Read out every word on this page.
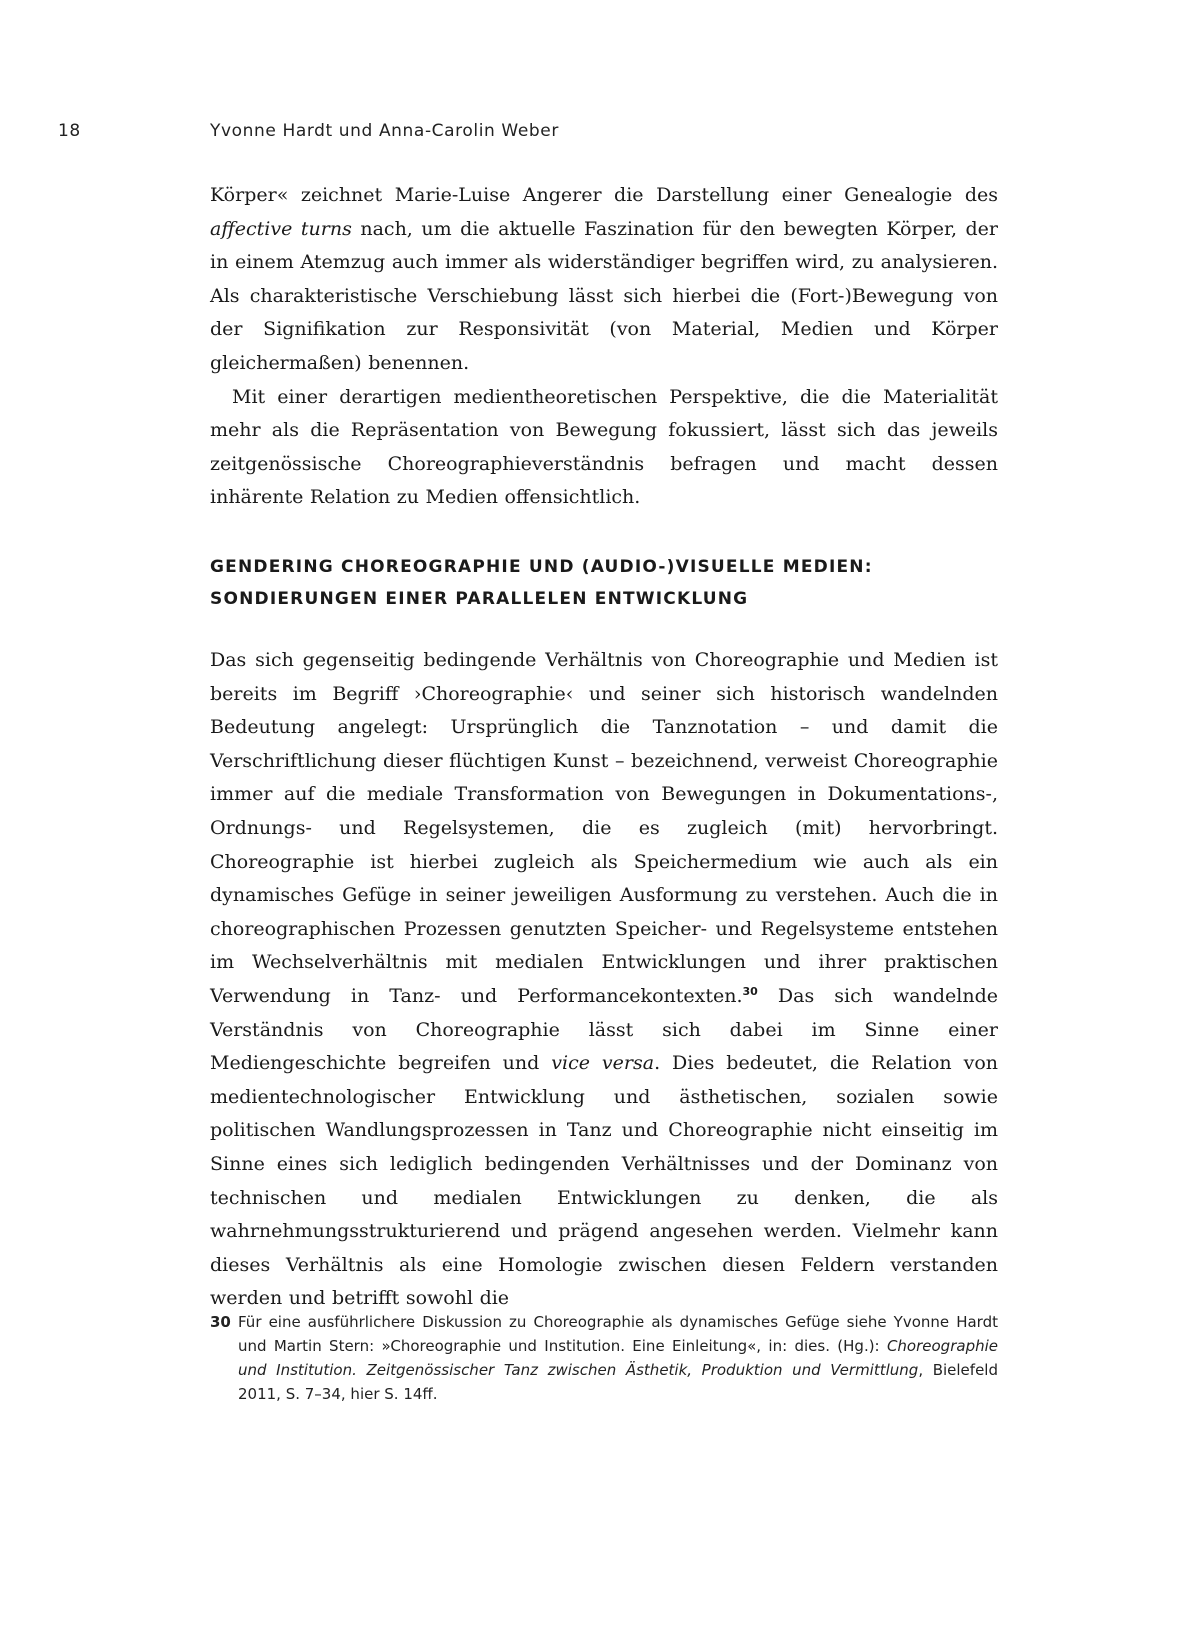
18	Yvonne Hardt und Anna-Carolin Weber

Körper« zeichnet Marie-Luise Angerer die Darstellung einer Genealogie des affective turns nach, um die aktuelle Faszination für den bewegten Körper, der in einem Atemzug auch immer als widerständiger begriffen wird, zu analysieren. Als charakteristische Verschiebung lässt sich hierbei die (Fort-)Bewegung von der Signifikation zur Responsivität (von Material, Medien und Körper gleichermaßen) benennen.

Mit einer derartigen medientheoretischen Perspektive, die die Materialität mehr als die Repräsentation von Bewegung fokussiert, lässt sich das jeweils zeitgenössische Choreographieverständnis befragen und macht dessen inhärente Relation zu Medien offensichtlich.

GENDERING CHOREOGRAPHIE UND (AUDIO-)VISUELLE MEDIEN:
SONDIERUNGEN EINER PARALLELEN ENTWICKLUNG

Das sich gegenseitig bedingende Verhältnis von Choreographie und Medien ist bereits im Begriff ›Choreographie‹ und seiner sich historisch wandelnden Bedeutung angelegt: Ursprünglich die Tanznotation – und damit die Verschriftlichung dieser flüchtigen Kunst – bezeichnend, verweist Choreographie immer auf die mediale Transformation von Bewegungen in Dokumentations-, Ordnungs- und Regelsystemen, die es zugleich (mit) hervorbringt. Choreographie ist hierbei zugleich als Speichermedium wie auch als ein dynamisches Gefüge in seiner jeweiligen Ausformung zu verstehen. Auch die in choreographischen Prozessen genutzten Speicher- und Regelsysteme entstehen im Wechselverhältnis mit medialen Entwicklungen und ihrer praktischen Verwendung in Tanz- und Performancekontexten.$^{30}$ Das sich wandelnde Verständnis von Choreographie lässt sich dabei im Sinne einer Mediengeschichte begreifen und vice versa. Dies bedeutet, die Relation von medientechnologischer Entwicklung und ästhetischen, sozialen sowie politischen Wandlungsprozessen in Tanz und Choreographie nicht einseitig im Sinne eines sich lediglich bedingenden Verhältnisses und der Dominanz von technischen und medialen Entwicklungen zu denken, die als wahrnehmungsstrukturierend und prägend angesehen werden. Vielmehr kann dieses Verhältnis als eine Homologie zwischen diesen Feldern verstanden werden und betrifft sowohl die

30 Für eine ausführlichere Diskussion zu Choreographie als dynamisches Gefüge siehe Yvonne Hardt und Martin Stern: »Choreographie und Institution. Eine Einleitung«, in: dies. (Hg.): Choreographie und Institution. Zeitgenössischer Tanz zwischen Ästhetik, Produktion und Vermittlung, Bielefeld 2011, S. 7–34, hier S. 14ff.
